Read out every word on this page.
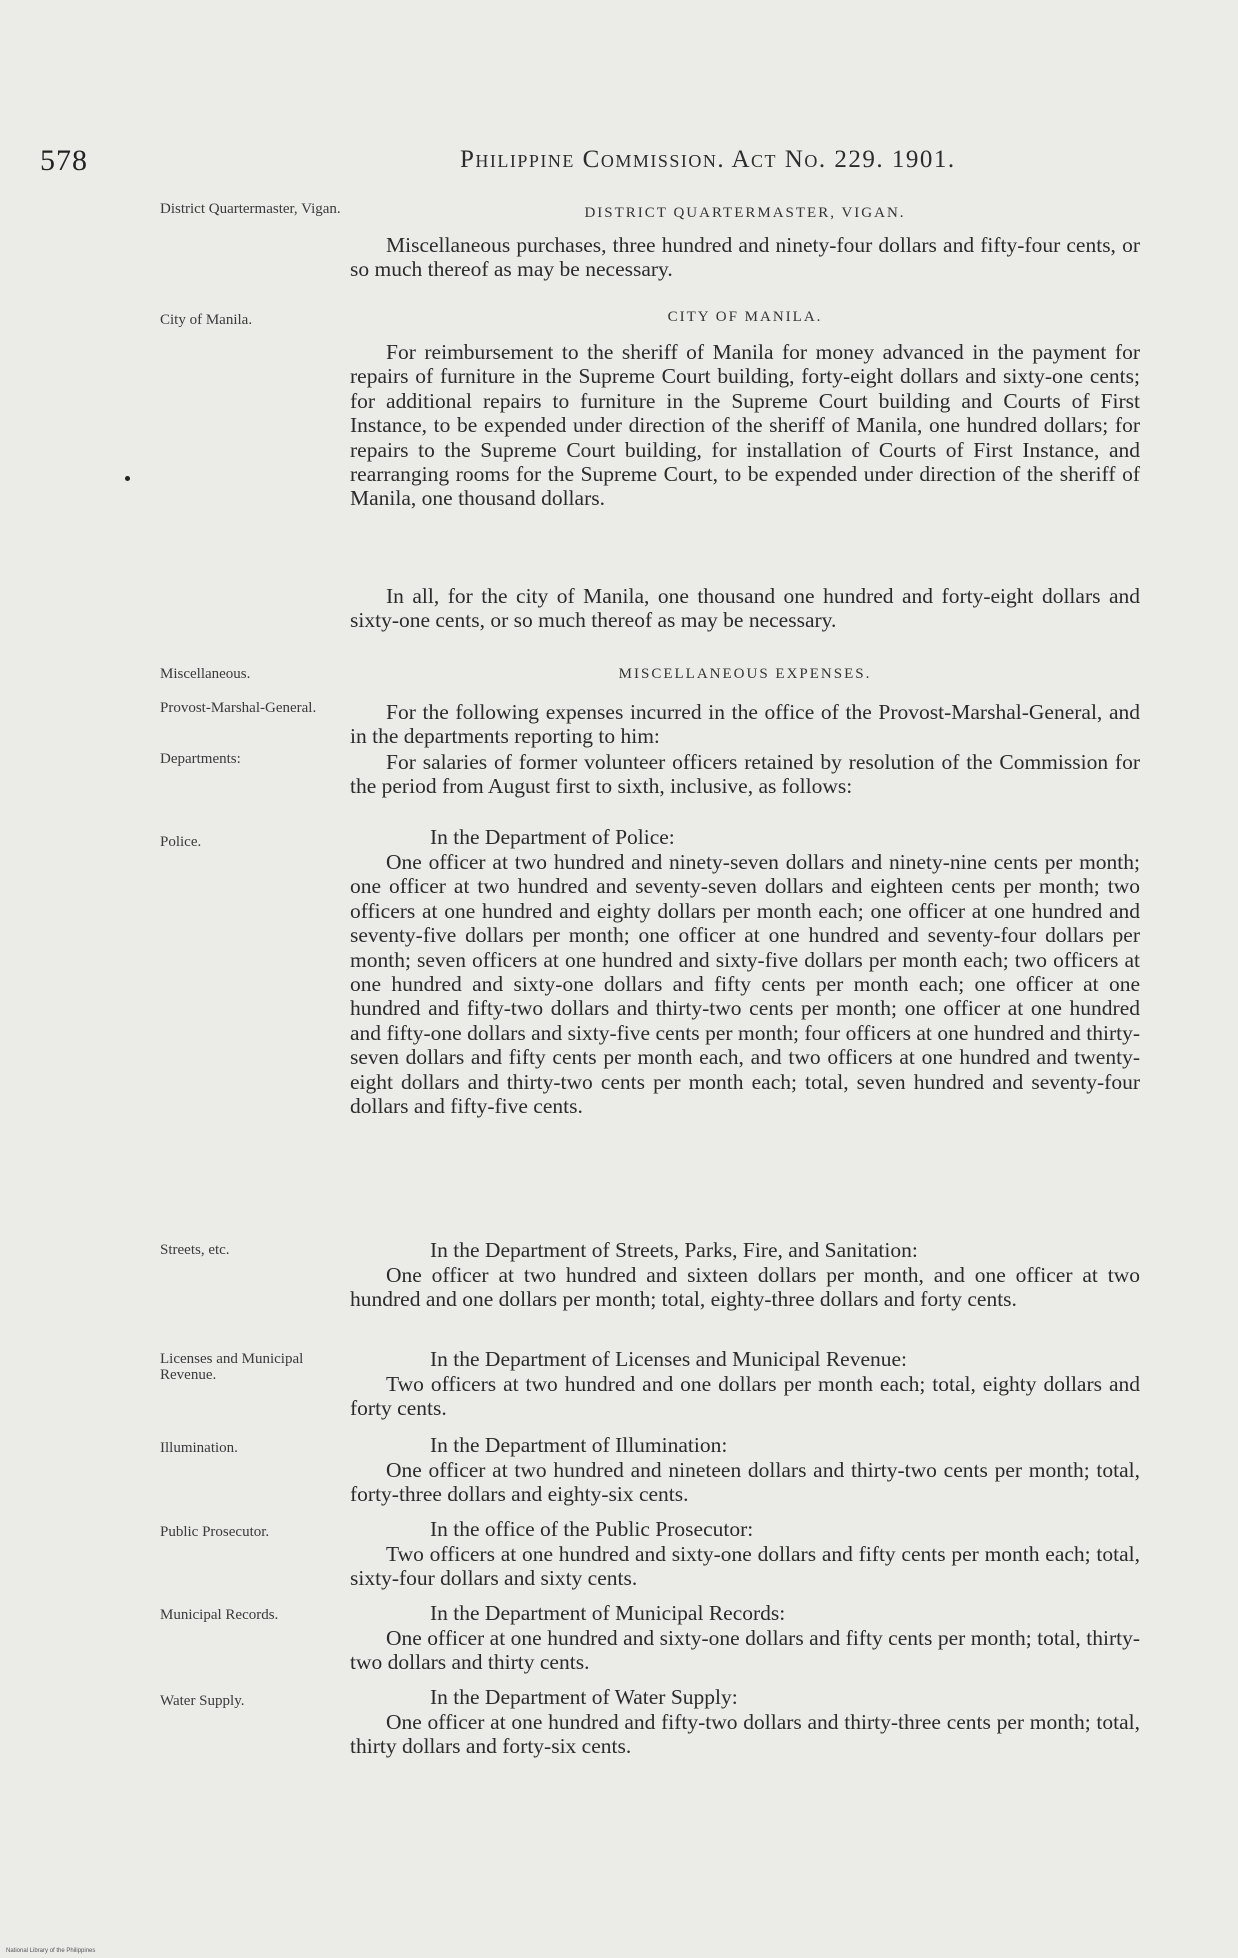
578	Philippine Commission. Act No. 229. 1901.
District Quartermaster, Vigan.
City of Manila.
Miscellaneous.
Provost-Marshal-General.
Departments:
Police.
Streets, etc.
Licenses and Municipal Revenue.
Illumination.
Public Prosecutor.
Municipal Records.
Water Supply.
DISTRICT QUARTERMASTER, VIGAN.
CITY OF MANILA.
MISCELLANEOUS EXPENSES.

Miscellaneous purchases, three hundred and ninety-four dollars and fifty-four cents, or so much thereof as may be necessary.

For reimbursement to the sheriff of Manila for money advanced in the payment for repairs of furniture in the Supreme Court building, forty-eight dollars and sixty-one cents; for additional repairs to furniture in the Supreme Court building and Courts of First Instance, to be expended under direction of the sheriff of Manila, one hundred dollars; for repairs to the Supreme Court building, for installation of Courts of First Instance, and rearranging rooms for the Supreme Court, to be expended under direction of the sheriff of Manila, one thousand dollars.

In all, for the city of Manila, one thousand one hundred and forty-eight dollars and sixty-one cents, or so much thereof as may be necessary.

For the following expenses incurred in the office of the Provost-Marshal-General, and in the departments reporting to him:

For salaries of former volunteer officers retained by resolution of the Commission for the period from August first to sixth, inclusive, as follows:

In the Department of Police:

One officer at two hundred and ninety-seven dollars and ninety-nine cents per month; one officer at two hundred and seventy-seven dollars and eighteen cents per month; two officers at one hundred and eighty dollars per month each; one officer at one hundred and seventy-five dollars per month; one officer at one hundred and seventy-four dollars per month; seven officers at one hundred and sixty-five dollars per month each; two officers at one hundred and sixty-one dollars and fifty cents per month each; one officer at one hundred and fifty-two dollars and thirty-two cents per month; one officer at one hundred and fifty-one dollars and sixty-five cents per month; four officers at one hundred and thirty-seven dollars and fifty cents per month each, and two officers at one hundred and twenty-eight dollars and thirty-two cents per month each; total, seven hundred and seventy-four dollars and fifty-five cents.

In the Department of Streets, Parks, Fire, and Sanitation:

One officer at two hundred and sixteen dollars per month, and one officer at two hundred and one dollars per month; total, eighty-three dollars and forty cents.

In the Department of Licenses and Municipal Revenue:

Two officers at two hundred and one dollars per month each; total, eighty dollars and forty cents.

In the Department of Illumination:

One officer at two hundred and nineteen dollars and thirty-two cents per month; total, forty-three dollars and eighty-six cents.

In the office of the Public Prosecutor:

Two officers at one hundred and sixty-one dollars and fifty cents per month each; total, sixty-four dollars and sixty cents.

In the Department of Municipal Records:

One officer at one hundred and sixty-one dollars and fifty cents per month; total, thirty-two dollars and thirty cents.

In the Department of Water Supply:

One officer at one hundred and fifty-two dollars and thirty-three cents per month; total, thirty dollars and forty-six cents.

National Library of the Philippines
